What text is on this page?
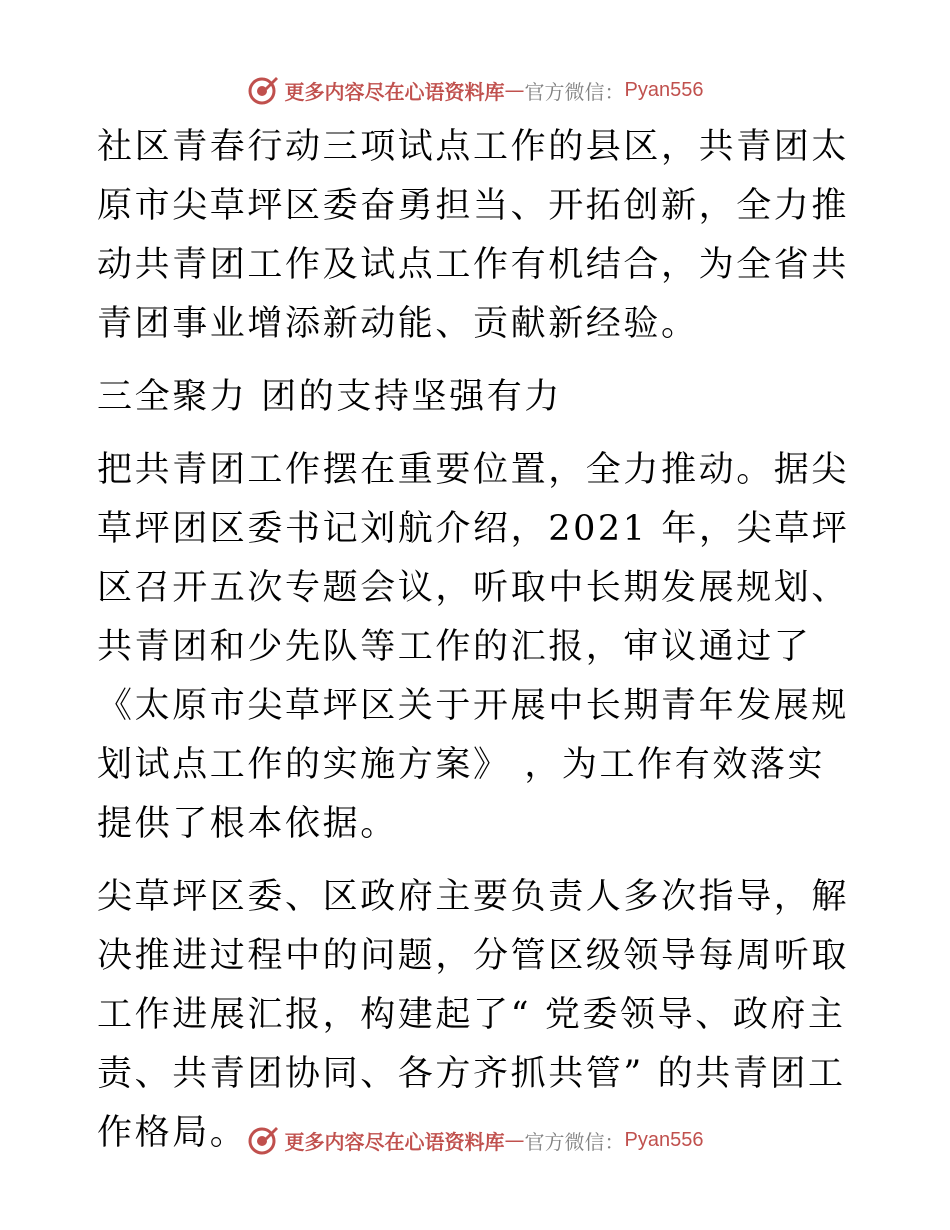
更多内容尽在心语资料库 — 官方微信： Pyan556

社区青春行动三项试点工作的县区，共青团太原市尖草坪区委奋勇担当、开拓创新，全力推动共青团工作及试点工作有机结合，为全省共青团事业增添新动能、贡献新经验。

三全聚力 团的支持坚强有力

把共青团工作摆在重要位置，全力推动。据尖草坪团区委书记刘航介绍，2021 年，尖草坪区召开五次专题会议，听取中长期发展规划、共青团和少先队等工作的汇报，审议通过了《太原市尖草坪区关于开展中长期青年发展规划试点工作的实施方案》 ，为工作有效落实提供了根本依据。

尖草坪区委、区政府主要负责人多次指导，解决推进过程中的问题，分管区级领导每周听取工作进展汇报，构建起了“ 党委领导、政府主责、共青团协同、各方齐抓共管” 的共青团工作格局。	更多内容尽在心语资料库 — 官方微信： Pyan556
